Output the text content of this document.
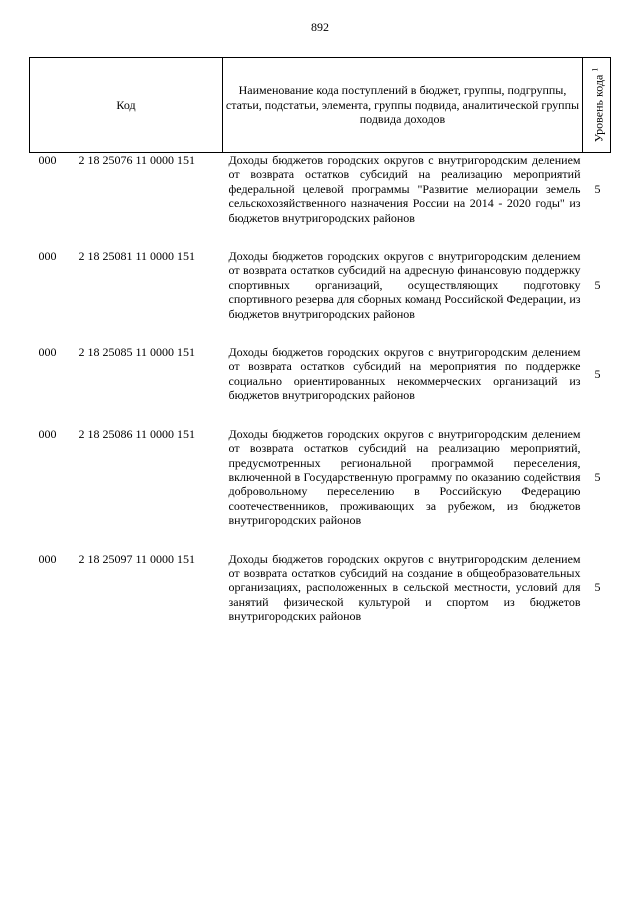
892
Код	Наименование кода поступлений в бюджет, группы, подгруппы, статьи, подстатьи, элемента, группы подвида, аналитической группы подвида доходов	Уровень кода $^1$

000 2 18 25076 11 0000 151	Доходы бюджетов городских округов с внутригородским делением от возврата остатков субсидий на реализацию мероприятий федеральной целевой программы "Развитие мелиорации земель сельскохозяйственного назначения России на 2014 - 2020 годы" из бюджетов внутригородских районов	5
000 2 18 25081 11 0000 151	Доходы бюджетов городских округов с внутригородским делением от возврата остатков субсидий на адресную финансовую поддержку спортивных организаций, осуществляющих подготовку спортивного резерва для сборных команд Российской Федерации, из бюджетов внутригородских районов	5
000 2 18 25085 11 0000 151	Доходы бюджетов городских округов с внутригородским делением от возврата остатков субсидий на мероприятия по поддержке социально ориентированных некоммерческих организаций из бюджетов внутригородских районов	5
000 2 18 25086 11 0000 151	Доходы бюджетов городских округов с внутригородским делением от возврата остатков субсидий на реализацию мероприятий, предусмотренных региональной программой переселения, включенной в Государственную программу по оказанию содействия добровольному переселению в Российскую Федерацию соотечественников, проживающих за рубежом, из бюджетов внутригородских районов	5
000 2 18 25097 11 0000 151	Доходы бюджетов городских округов с внутригородским делением от возврата остатков субсидий на создание в общеобразовательных организациях, расположенных в сельской местности, условий для занятий физической культурой и спортом из бюджетов внутригородских районов	5
